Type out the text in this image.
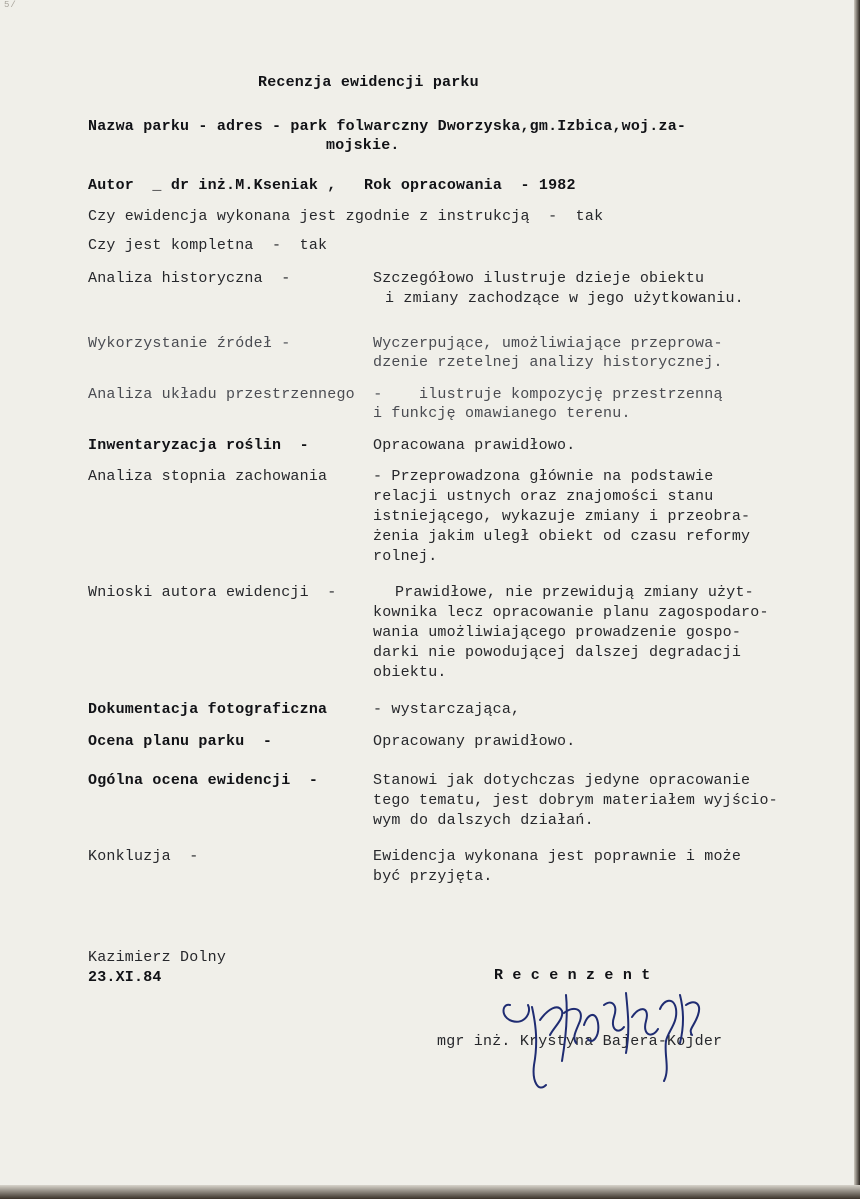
5/
Recenzja ewidencji parku
Nazwa parku - adres - park folwarczny Dworzyska,gm.Izbica,woj.za-
mojskie.
Autor  _ dr inż.M.Kseniak ,   Rok opracowania  - 1982
Czy ewidencja wykonana jest zgodnie z instrukcją  -  tak
Czy jest kompletna  -  tak
Analiza historyczna  -	Szczegółowo ilustruje dzieje obiektu
i zmiany zachodzące w jego użytkowaniu.
Wykorzystanie źródeł -	Wyczerpujące, umożliwiające przeprowa-
dzenie rzetelnej analizy historycznej.
Analiza układu przestrzennego  - ilustruje kompozycję przestrzenną
i funkcję omawianego terenu.
Inwentaryzacja roślin  -	Opracowana prawidłowo.
Analiza stopnia zachowania	- Przeprowadzona głównie na podstawie
relacji ustnych oraz znajomości stanu
istniejącego, wykazuje zmiany i przeobra-
żenia jakim uległ obiekt od czasu reformy
rolnej.
Wnioski autora ewidencji  -	Prawidłowe, nie przewidują zmiany użyt-
kownika lecz opracowanie planu zagospodaro-
wania umożliwiającego prowadzenie gospo-
darki nie powodującej dalszej degradacji
obiektu.
Dokumentacja fotograficzna	- wystarczająca,
Ocena planu parku  -	Opracowany prawidłowo.
Ogólna ocena ewidencji  -	Stanowi jak dotychczas jedyne opracowanie
tego tematu, jest dobrym materiałem wyjścio-
wym do dalszych działań.
Konkluzja  -	Ewidencja wykonana jest poprawnie i może
być przyjęta.
Kazimierz Dolny
23.XI.84	R e c e n z e n t
mgr inż. Krystyna Bajera-Kojder
